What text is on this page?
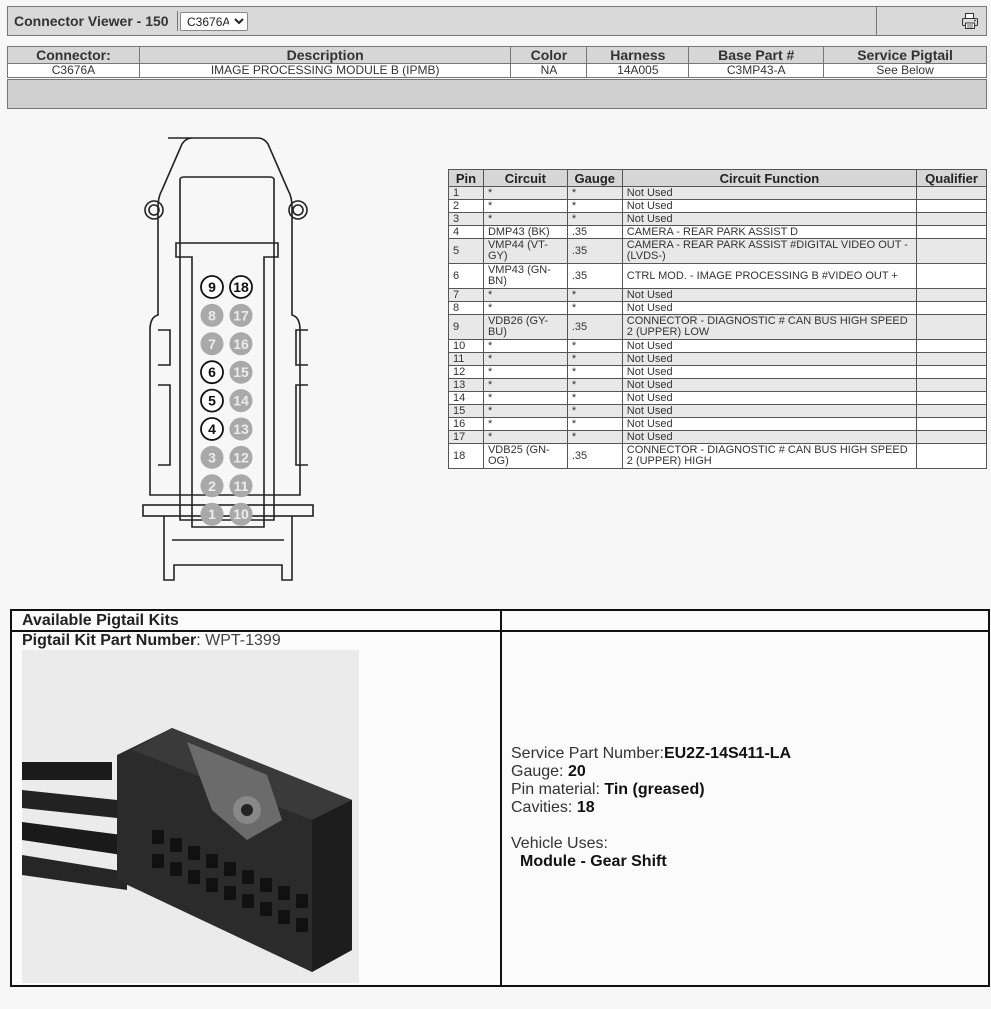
Connector Viewer - 150
C3676A
Connector:	Description	Color	Harness	Base Part #	Service Pigtail
C3676A	IMAGE PROCESSING MODULE B (IPMB)	NA	14A005	C3MP43-A	See Below
9
8
7
6
5
4
3
2
1
18
17
16
15
14
13
12
11
10
Pin	Circuit	Gauge	Circuit Function	Qualifier
1	*	*	Not Used	
2	*	*	Not Used	
3	*	*	Not Used	
4	DMP43 (BK)	.35	CAMERA - REAR PARK ASSIST D	
5	VMP44 (VT-GY)	.35	CAMERA - REAR PARK ASSIST #DIGITAL VIDEO OUT - (LVDS-)	
6	VMP43 (GN-BN)	.35	CTRL MOD. - IMAGE PROCESSING B #VIDEO OUT +	
7	*	*	Not Used	
8	*	*	Not Used	
9	VDB26 (GY-BU)	.35	CONNECTOR - DIAGNOSTIC # CAN BUS HIGH SPEED 2 (UPPER) LOW	
10	*	*	Not Used	
11	*	*	Not Used	
12	*	*	Not Used	
13	*	*	Not Used	
14	*	*	Not Used	
15	*	*	Not Used	
16	*	*	Not Used	
17	*	*	Not Used	
18	VDB25 (GN-OG)	.35	CONNECTOR - DIAGNOSTIC # CAN BUS HIGH SPEED 2 (UPPER) HIGH	
Available Pigtail Kits
Pigtail Kit Part Number: WPT-1399
Service Part Number:EU2Z-14S411-LA
Gauge: 20
Pin material: Tin (greased)
Cavities: 18
Vehicle Uses:
Module - Gear Shift
